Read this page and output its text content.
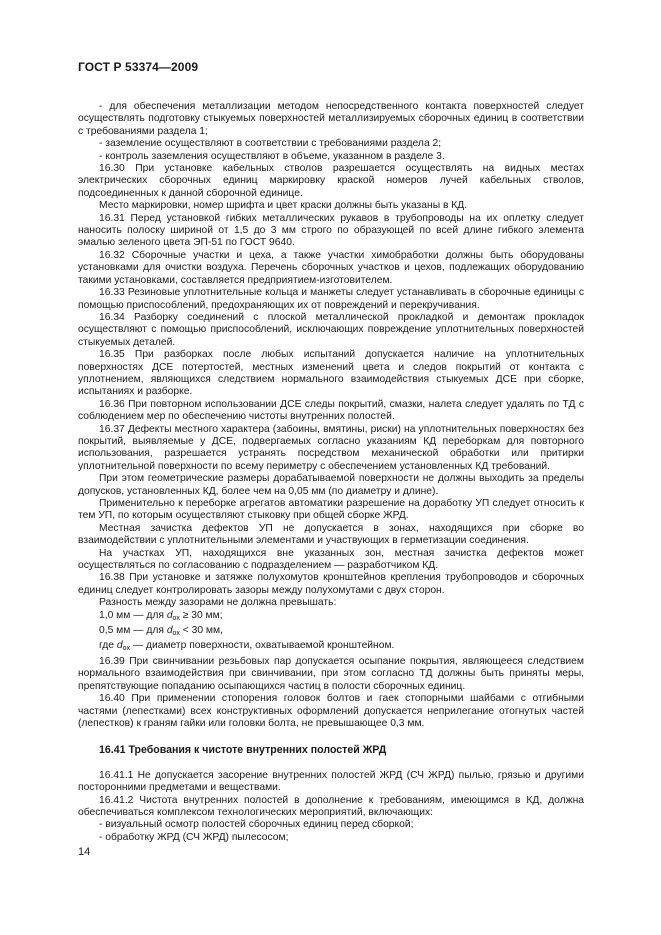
ГОСТ Р 53374—2009

- для обеспечения металлизации методом непосредственного контакта поверхностей следует осуществлять подготовку стыкуемых поверхностей металлизируемых сборочных единиц в соответствии с требованиями раздела 1;

- заземление осуществляют в соответствии с требованиями раздела 2;

- контроль заземления осуществляют в объеме, указанном в разделе 3.

16.30 При установке кабельных стволов разрешается осуществлять на видных местах электрических сборочных единиц маркировку краской номеров лучей кабельных стволов, подсоединенных к данной сборочной единице.

Место маркировки, номер шрифта и цвет краски должны быть указаны в КД.

16.31 Перед установкой гибких металлических рукавов в трубопроводы на их оплетку следует наносить полоску шириной от 1,5 до 3 мм строго по образующей по всей длине гибкого элемента эмалью зеленого цвета ЭП-51 по ГОСТ 9640.

16.32 Сборочные участки и цеха, а также участки химобработки должны быть оборудованы установками для очистки воздуха. Перечень сборочных участков и цехов, подлежащих оборудованию такими установками, составляется предприятием-изготовителем.

16.33 Резиновые уплотнительные кольца и манжеты следует устанавливать в сборочные единицы с помощью приспособлений, предохраняющих их от повреждений и перекручивания.

16.34 Разборку соединений с плоской металлической прокладкой и демонтаж прокладок осуществляют с помощью приспособлений, исключающих повреждение уплотнительных поверхностей стыкуемых деталей.

16.35 При разборках после любых испытаний допускается наличие на уплотнительных поверхностях ДСЕ потертостей, местных изменений цвета и следов покрытий от контакта с уплотнением, являющихся следствием нормального взаимодействия стыкуемых ДСЕ при сборке, испытаниях и разборке.

16.36 При повторном использовании ДСЕ следы покрытий, смазки, налета следует удалять по ТД с соблюдением мер по обеспечению чистоты внутренних полостей.

16.37 Дефекты местного характера (забоины, вмятины, риски) на уплотнительных поверхностях без покрытий, выявляемые у ДСЕ, подвергаемых согласно указаниям КД переборкам для повторного использования, разрешается устранять посредством механической обработки или притирки уплотнительной поверхности по всему периметру с обеспечением установленных КД требований.

При этом геометрические размеры дорабатываемой поверхности не должны выходить за пределы допусков, установленных КД, более чем на 0,05 мм (по диаметру и длине).

Применительно к переборке агрегатов автоматики разрешение на доработку УП следует относить к тем УП, по которым осуществляют стыковку при общей сборке ЖРД.

Местная зачистка дефектов УП не допускается в зонах, находящихся при сборке во взаимодействии с уплотнительными элементами и участвующих в герметизации соединения.

На участках УП, находящихся вне указанных зон, местная зачистка дефектов может осуществляться по согласованию с подразделением — разработчиком КД.

16.38 При установке и затяжке полухомутов кронштейнов крепления трубопроводов и сборочных единиц следует контролировать зазоры между полухомутами с двух сторон.

Разность между зазорами не должна превышать:

1,0 мм — для $d_{ох} \ge 30$ мм;

0,5 мм — для $d_{ох} < 30$ мм,

где $d_{ох}$ — диаметр поверхности, охватываемой кронштейном.

16.39 При свинчивании резьбовых пар допускается осыпание покрытия, являющееся следствием нормального взаимодействия при свинчивании, при этом согласно ТД должны быть приняты меры, препятствующие попаданию осыпающихся частиц в полости сборочных единиц.

16.40 При применении стопорения головок болтов и гаек стопорными шайбами с отгибными частями (лепестками) всех конструктивных оформлений допускается неприлегание отогнутых частей (лепестков) к граням гайки или головки болта, не превышающее 0,3 мм.

16.41 Требования к чистоте внутренних полостей ЖРД

16.41.1 Не допускается засорение внутренних полостей ЖРД (СЧ ЖРД) пылью, грязью и другими посторонними предметами и веществами.

16.41.2 Чистота внутренних полостей в дополнение к требованиям, имеющимся в КД, должна обеспечиваться комплексом технологических мероприятий, включающих:

- визуальный осмотр полостей сборочных единиц перед сборкой;

- обработку ЖРД (СЧ ЖРД) пылесосом;

14
